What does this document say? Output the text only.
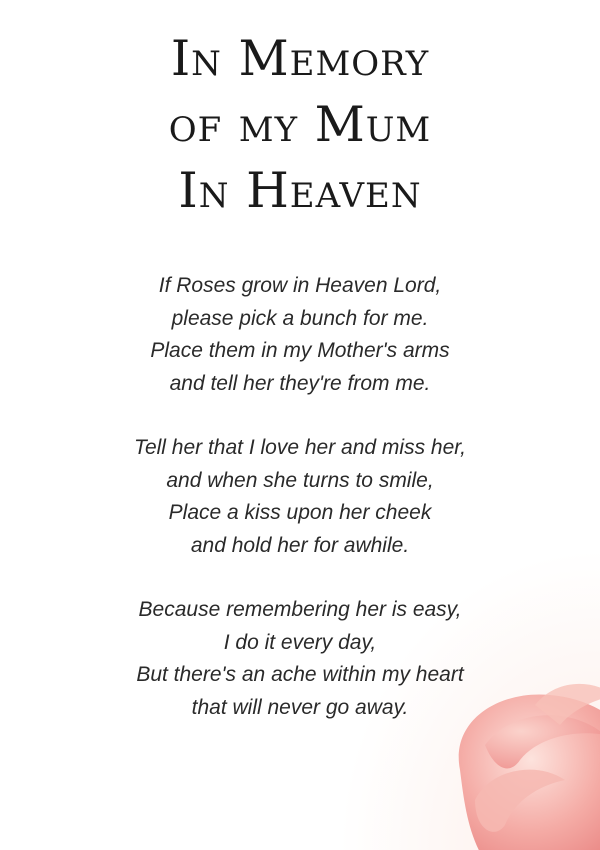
In Memory
of my Mum
In Heaven

If Roses grow in Heaven Lord,
please pick a bunch for me.
Place them in my Mother's arms
and tell her they're from me.

Tell her that I love her and miss her,
and when she turns to smile,
Place a kiss upon her cheek
and hold her for awhile.

Because remembering her is easy,
I do it every day,
But there's an ache within my heart
that will never go away.
